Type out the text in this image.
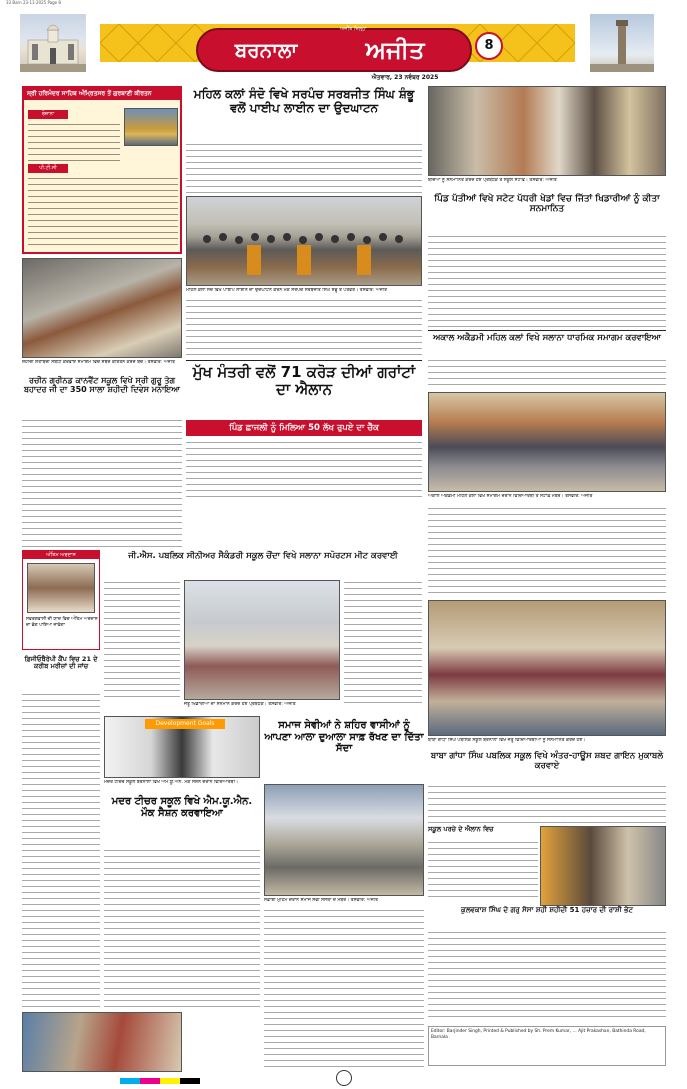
33 Barn 23-11-2025 Page 8
ਬਰਨਾਲਾ	ਅਜੀਤ
ਅਜੀਤ ਜ਼ਿਲ੍ਹਾ
ਐਤਵਾਰ, 23 ਨਵੰਬਰ 2025
8
ਸ੍ਰੀ ਹਰਿਮੰਦਰ ਸਾਹਿਬ ਅੰਮ੍ਰਿਤਸਰ ਤੋਂ ਗੁਰਬਾਣੀ ਕੀਰਤਨ
ਰੋਜ਼ਾਨਾ
ਪੀ.ਟੀ.ਸੀ
ਸ਼ਹੀਦੀ ਸ਼ਤਾਬਦੀ ਸਬੰਧੀ ਕਰਵਾਏ ਸਮਾਗਮ ਵਿਚ ਸ਼ਬਦ ਕੀਰਤਨ ਕਰਦੇ ਬੱਚੇ। ਤਸਵੀਰ: ਅਜੀਤ
ਰਚੀਨ ਗ੍ਰੀਨਡ ਕਾਨਵੈਂਟ ਸਕੂਲ ਵਿਖੇ ਸ੍ਰੀ ਗੁਰੂ ਤੇਗ ਬਹਾਦਰ ਜੀ ਦਾ 350 ਸਾਲਾ ਸ਼ਹੀਦੀ ਦਿਵਸ ਮਨਾਇਆ
ਅੰਤਿਮ ਅਰਦਾਸ
ਸਵਰਗਵਾਸੀ ਦੀ ਯਾਦ ਵਿਚ ਅੰਤਿਮ ਅਰਦਾਸ ਦਾ ਭੋਗ ਪਾਇਆ ਜਾਵੇਗਾ
ਫ਼ਿਜੀਓਥੈਰੇਪੀ ਕੈਂਪ ਵਿਚ 21 ਦੇ ਕਰੀਬ ਮਰੀਜ਼ਾਂ ਦੀ ਜਾਂਚ
ਮਹਿਲ ਕਲਾਂ ਸੰਦੋ ਵਿਖੇ ਸਰਪੰਚ ਸਰਬਜੀਤ ਸਿੰਘ ਸ਼ੰਭੂ ਵਲੋਂ ਪਾਈਪ ਲਾਈਨ ਦਾ ਉਦਘਾਟਨ
ਮਹਿਲ ਕਲਾਂ ਸੰਦੋ ਵਿਖੇ ਪਾਈਪ ਲਾਈਨ ਦਾ ਉਦਘਾਟਨ ਕਰਨ ਮੌਕੇ ਸਰਪੰਚ ਸਰਬਜੀਤ ਸਿੰਘ ਸ਼ੰਭੂ ਤੇ ਪਤਵੰਤੇ। ਤਸਵੀਰ: ਅਜੀਤ
ਮੁੱਖ ਮੰਤਰੀ ਵਲੋਂ 71 ਕਰੋੜ ਦੀਆਂ ਗਰਾਂਟਾਂ ਦਾ ਐਲਾਨ
ਪਿੰਡ ਛਾਜਲੀ ਨੂੰ ਮਿਲਿਆ 50 ਲੱਖ ਰੁਪਏ ਦਾ ਚੈੱਕ
ਜੀ.ਐਸ. ਪਬਲਿਕ ਸੀਨੀਅਰ ਸੈਕੰਡਰੀ ਸਕੂਲ ਚੌਂਦਾ ਵਿਖੇ ਸਲਾਨਾ ਸਪੋਰਟਸ ਮੀਟ ਕਰਵਾਈ
ਜੇਤੂ ਖਿਡਾਰੀਆਂ ਦਾ ਸਨਮਾਨ ਕਰਦੇ ਹੋਏ ਪ੍ਰਬੰਧਕ। ਤਸਵੀਰ: ਅਜੀਤ
Development Goals
ਮਦਰ ਟੀਚਰ ਸਕੂਲ ਬਰਨਾਲਾ ਵਿਖੇ ਐਮ.ਯੂ.ਐਨ. ਮੌਕ ਸੈਸ਼ਨ ਦੌਰਾਨ ਵਿਦਿਆਰਥੀ।
ਮਦਰ ਟੀਚਰ ਸਕੂਲ ਵਿਖੇ ਐਮ.ਯੂ.ਐਨ. ਮੌਕ ਸੈਸ਼ਨ ਕਰਵਾਇਆ
ਸਮਾਜ ਸੇਵੀਆਂ ਨੇ ਸ਼ਹਿਰ ਵਾਸੀਆਂ ਨੂੰ ਆਪਣਾ ਆਲਾ ਦੁਆਲਾ ਸਾਫ਼ ਰੱਖਣ ਦਾ ਦਿੱਤਾ ਸੱਦਾ
ਸਫ਼ਾਈ ਮੁਹਿੰਮ ਦੌਰਾਨ ਸਮਾਜ ਸੇਵੀ ਸੰਸਥਾ ਦੇ ਮੈਂਬਰ। ਤਸਵੀਰ: ਅਜੀਤ
ਬੱਚਿਆਂ ਨੂੰ ਸਨਮਾਨਿਤ ਕਰਦੇ ਹੋਏ ਪ੍ਰਬੰਧਕ ਤੇ ਸਕੂਲ ਸਟਾਫ਼। ਤਸਵੀਰ: ਅਜੀਤ
ਪਿੰਡ ਪੱਤੀਆਂ ਵਿਖੇ ਸਟੇਟ ਪੱਧਰੀ ਖੇਡਾਂ ਵਿਚ ਜਿੱਤਾਂ ਖਿਡਾਰੀਆਂ ਨੂੰ ਕੀਤਾ ਸਨਮਾਨਿਤ
ਅਕਾਲ ਅਕੈਡਮੀ ਮਹਿਲ ਕਲਾਂ ਵਿਖੇ ਸਲਾਨਾ ਧਾਰਮਿਕ ਸਮਾਗਮ ਕਰਵਾਇਆ
ਅਕਾਲ ਅਕੈਡਮੀ ਮਹਿਲ ਕਲਾਂ ਵਿਖੇ ਸਮਾਗਮ ਦੌਰਾਨ ਵਿਦਿਆਰਥੀ ਤੇ ਸਟਾਫ਼ ਮੈਂਬਰ। ਤਸਵੀਰ: ਅਜੀਤ
ਬਾਬਾ ਗਾਂਧਾ ਸਿੰਘ ਪਬਲਿਕ ਸਕੂਲ ਬਰਨਾਲਾ ਵਿਖੇ ਜੇਤੂ ਵਿਦਿਆਰਥੀਆਂ ਨੂੰ ਸਨਮਾਨਿਤ ਕਰਦੇ ਹੋਏ।
ਬਾਬਾ ਗਾਂਧਾ ਸਿੰਘ ਪਬਲਿਕ ਸਕੂਲ ਵਿਖੇ ਅੰਤਰ-ਹਾਊਸ ਸ਼ਬਦ ਗਾਇਨ ਮੁਕਾਬਲੇ ਕਰਵਾਏ
ਸਕੂਲ ਪਰਚੇ ਦੇ ਐਲਾਨ ਵਿਚ
ਕੁਲਵਕਾਸ਼ ਸਿੰਘ ਦੇ ਗਰੁ ਸੋਸਾ ਸ਼ਹੀ ਸ਼ਹੀਦੀ 51 ਹਜ਼ਾਰ ਦੀ ਰਾਸ਼ੀ ਭੇਟ
Editor: Barjinder Singh, Printed & Published by Sh. Prem Kumar, ... Ajit Prakashan, Bathinda Road, Barnala
